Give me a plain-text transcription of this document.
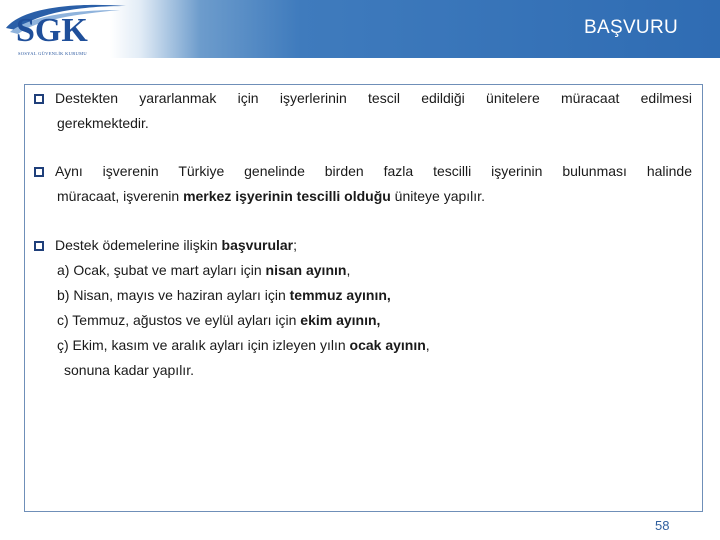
SGK
SOSYAL GÜVENLİK KURUMU
BAŞVURU
Destekten yararlanmak için işyerlerinin tescil edildiği ünitelere müracaat edilmesi
gerekmektedir.
Aynı işverenin Türkiye genelinde birden fazla tescilli işyerinin bulunması halinde
müracaat, işverenin merkez işyerinin tescilli olduğu üniteye yapılır.
Destek ödemelerine ilişkin başvurular;
a) Ocak, şubat ve mart ayları için nisan ayının,
b) Nisan, mayıs ve haziran ayları için temmuz ayının,
c) Temmuz, ağustos ve eylül ayları için ekim ayının,
ç) Ekim, kasım ve aralık ayları için izleyen yılın ocak ayının,
sonuna kadar yapılır.
58
